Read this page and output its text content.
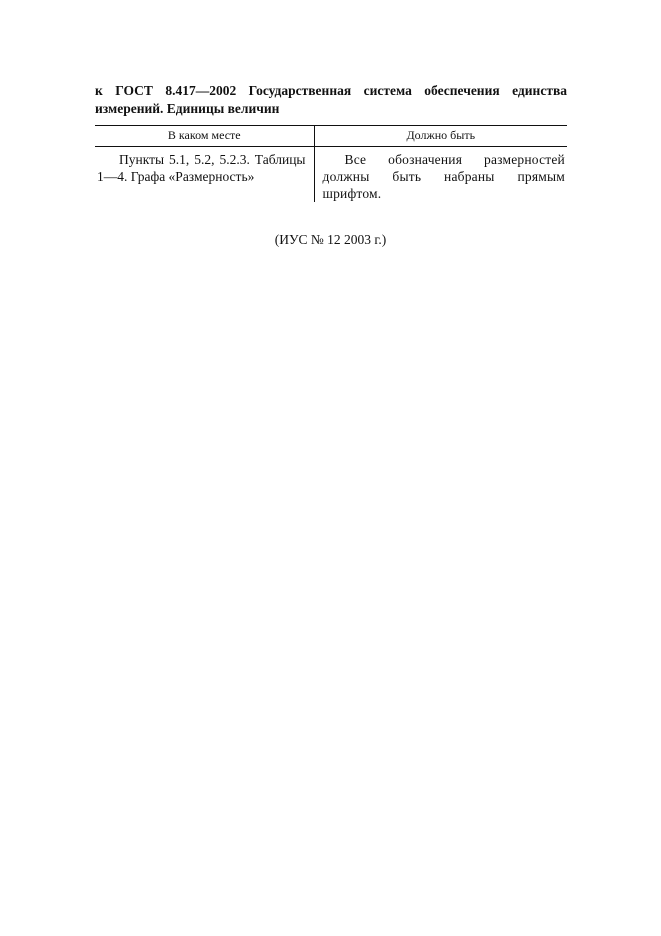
к ГОСТ 8.417—2002 Государственная система обеспечения единства измерений. Единицы величин
В каком месте	Должно быть
Пункты 5.1, 5.2, 5.2.3. Таблицы 1—4. Графа «Размерность»	Все обозначения размерностей должны быть набраны прямым шрифтом.
(ИУС № 12 2003 г.)
